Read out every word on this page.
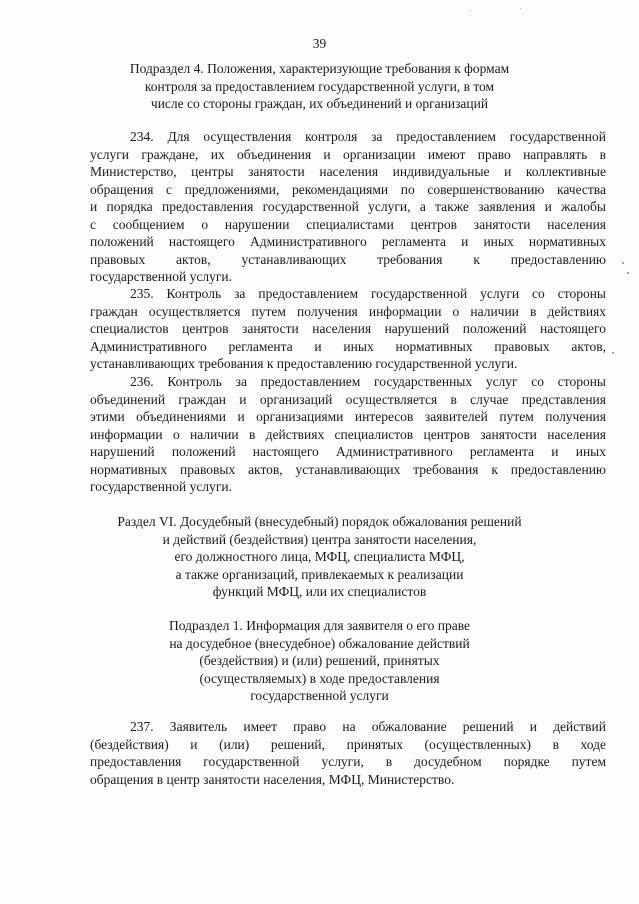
39
Подраздел 4. Положения, характеризующие требования к формам
контроля за предоставлением государственной услуги, в том
числе со стороны граждан, их объединений и организаций
234. Для осуществления контроля за предоставлением государственной
услуги граждане, их объединения и организации имеют право направлять в
Министерство, центры занятости населения индивидуальные и коллективные
обращения с предложениями, рекомендациями по совершенствованию качества
и порядка предоставления государственной услуги, а также заявления и жалобы
с сообщением о нарушении специалистами центров занятости населения
положений настоящего Административного регламента и иных нормативных
правовых актов, устанавливающих требования к предоставлению
государственной услуги.
235. Контроль за предоставлением государственной услуги со стороны
граждан осуществляется путем получения информации о наличии в действиях
специалистов центров занятости населения нарушений положений настоящего
Административного регламента и иных нормативных правовых актов,
устанавливающих требования к предоставлению государственной услуги.
236. Контроль за предоставлением государственных услуг со стороны
объединений граждан и организаций осуществляется в случае представления
этими объединениями и организациями интересов заявителей путем получения
информации о наличии в действиях специалистов центров занятости населения
нарушений положений настоящего Административного регламента и иных
нормативных правовых актов, устанавливающих требования к предоставлению
государственной услуги.
Раздел VI. Досудебный (внесудебный) порядок обжалования решений
и действий (бездействия) центра занятости населения,
его должностного лица, МФЦ, специалиста МФЦ,
а также организаций, привлекаемых к реализации
функций МФЦ, или их специалистов
Подраздел 1. Информация для заявителя о его праве
на досудебное (внесудебное) обжалование действий
(бездействия) и (или) решений, принятых
(осуществляемых) в ходе предоставления
государственной услуги
237. Заявитель имеет право на обжалование решений и действий
(бездействия) и (или) решений, принятых (осуществленных) в ходе
предоставления государственной услуги, в досудебном порядке путем
обращения в центр занятости населения, МФЦ, Министерство.
